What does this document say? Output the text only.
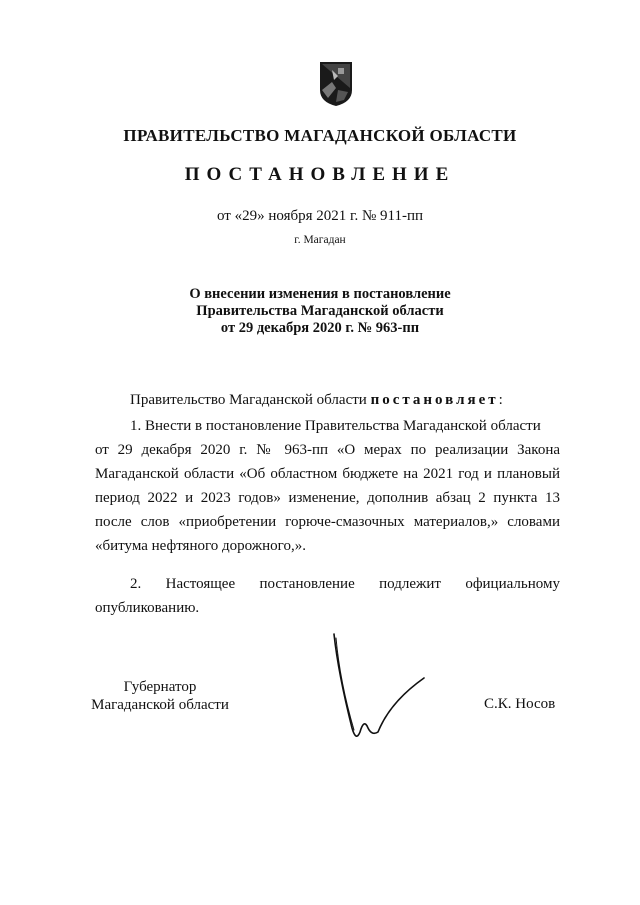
ПРАВИТЕЛЬСТВО МАГАДАНСКОЙ ОБЛАСТИ
ПОСТАНОВЛЕНИЕ
от «29» ноября 2021 г. № 911-пп
г. Магадан
О внесении изменения в постановление
Правительства Магаданской области
от 29 декабря 2020 г. № 963-пп
Правительство Магаданской области постановляет:
1. Внести в постановление Правительства Магаданской области
от 29 декабря 2020 г. № 963-пп «О мерах по реализации Закона Магаданской области «Об областном бюджете на 2021 год и плановый период 2022 и 2023 годов» изменение, дополнив абзац 2 пункта 13 после слов «приобретении горюче-смазочных материалов,» словами «битума нефтяного дорожного,».
2. Настоящее постановление подлежит официальному
опубликованию.
Губернатор
Магаданской области	С.К. Носов
